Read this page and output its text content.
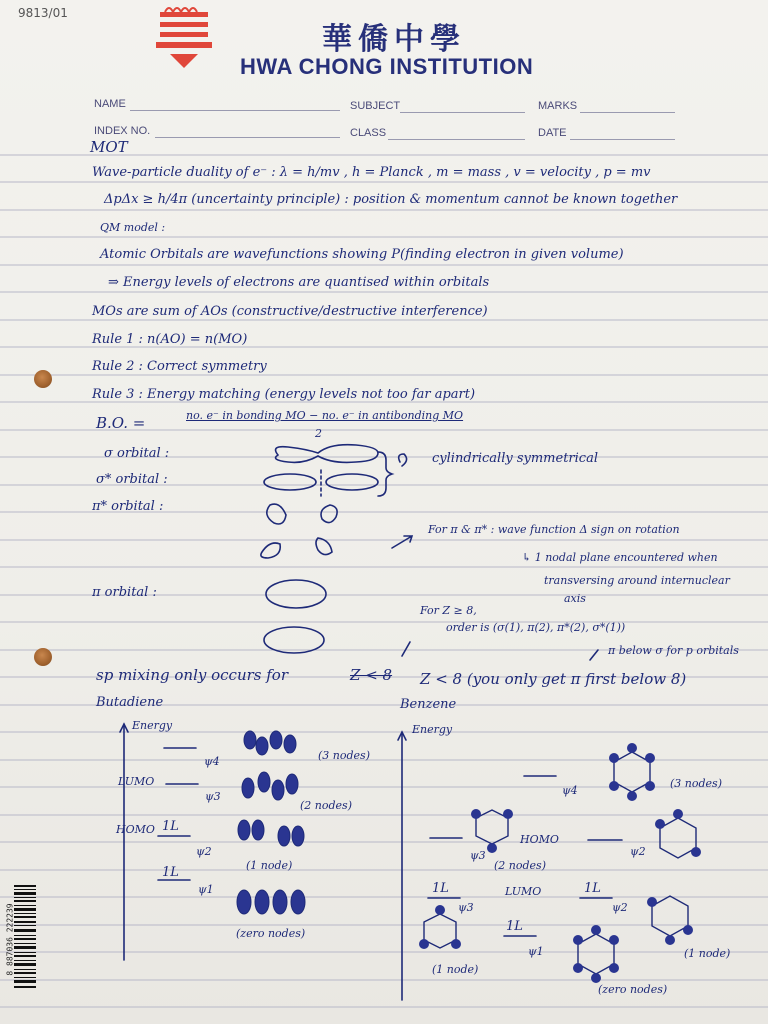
9813/01
華僑中學
HWA CHONG INSTITUTION
NAME	SUBJECT	MARKS
INDEX NO.	CLASS	DATE
MOT
Wave-particle duality of e⁻ : λ = h/mv , h = Planck , m = mass , v = velocity , p = mv
ΔpΔx ≥ h/4π (uncertainty principle) : position & momentum cannot be known together
QM model :
Atomic Orbitals are wavefunctions showing P(finding electron in given volume)
⇒ Energy levels of electrons are quantised within orbitals
MOs are sum of AOs (constructive/destructive interference)
Rule 1 : n(AO) = n(MO)
Rule 2 : Correct symmetry
Rule 3 : Energy matching (energy levels not too far apart)
B.O. =	no. e⁻ in bonding MO − no. e⁻ in antibonding MO
2
σ orbital :
σ* orbital :
π* orbital :
cylindrically symmetrical
For π & π* : wave function Δ sign on rotation
↳ 1 nodal plane encountered when
transversing around internuclear
axis
π orbital :
For Z ≥ 8,
order is (σ(1), π(2), π*(2), σ*(1))
π below σ for p orbitals
sp mixing only occurs for	Z < 8 Z < 8 (you only get π first below 8)
Butadiene	Benzene
Energy
ψ4	(3 nodes)
LUMO
ψ3
(2 nodes)
HOMO 1L
ψ2
(1 node)
1L
ψ1
(zero nodes)
Energy
ψ4
(3 nodes)
ψ3
HOMO
ψ2
(2 nodes)
1L
ψ3
LUMO	1L
ψ2
1L
ψ1
(1 node)
(1 node)
(zero nodes)
8 887036 222239
